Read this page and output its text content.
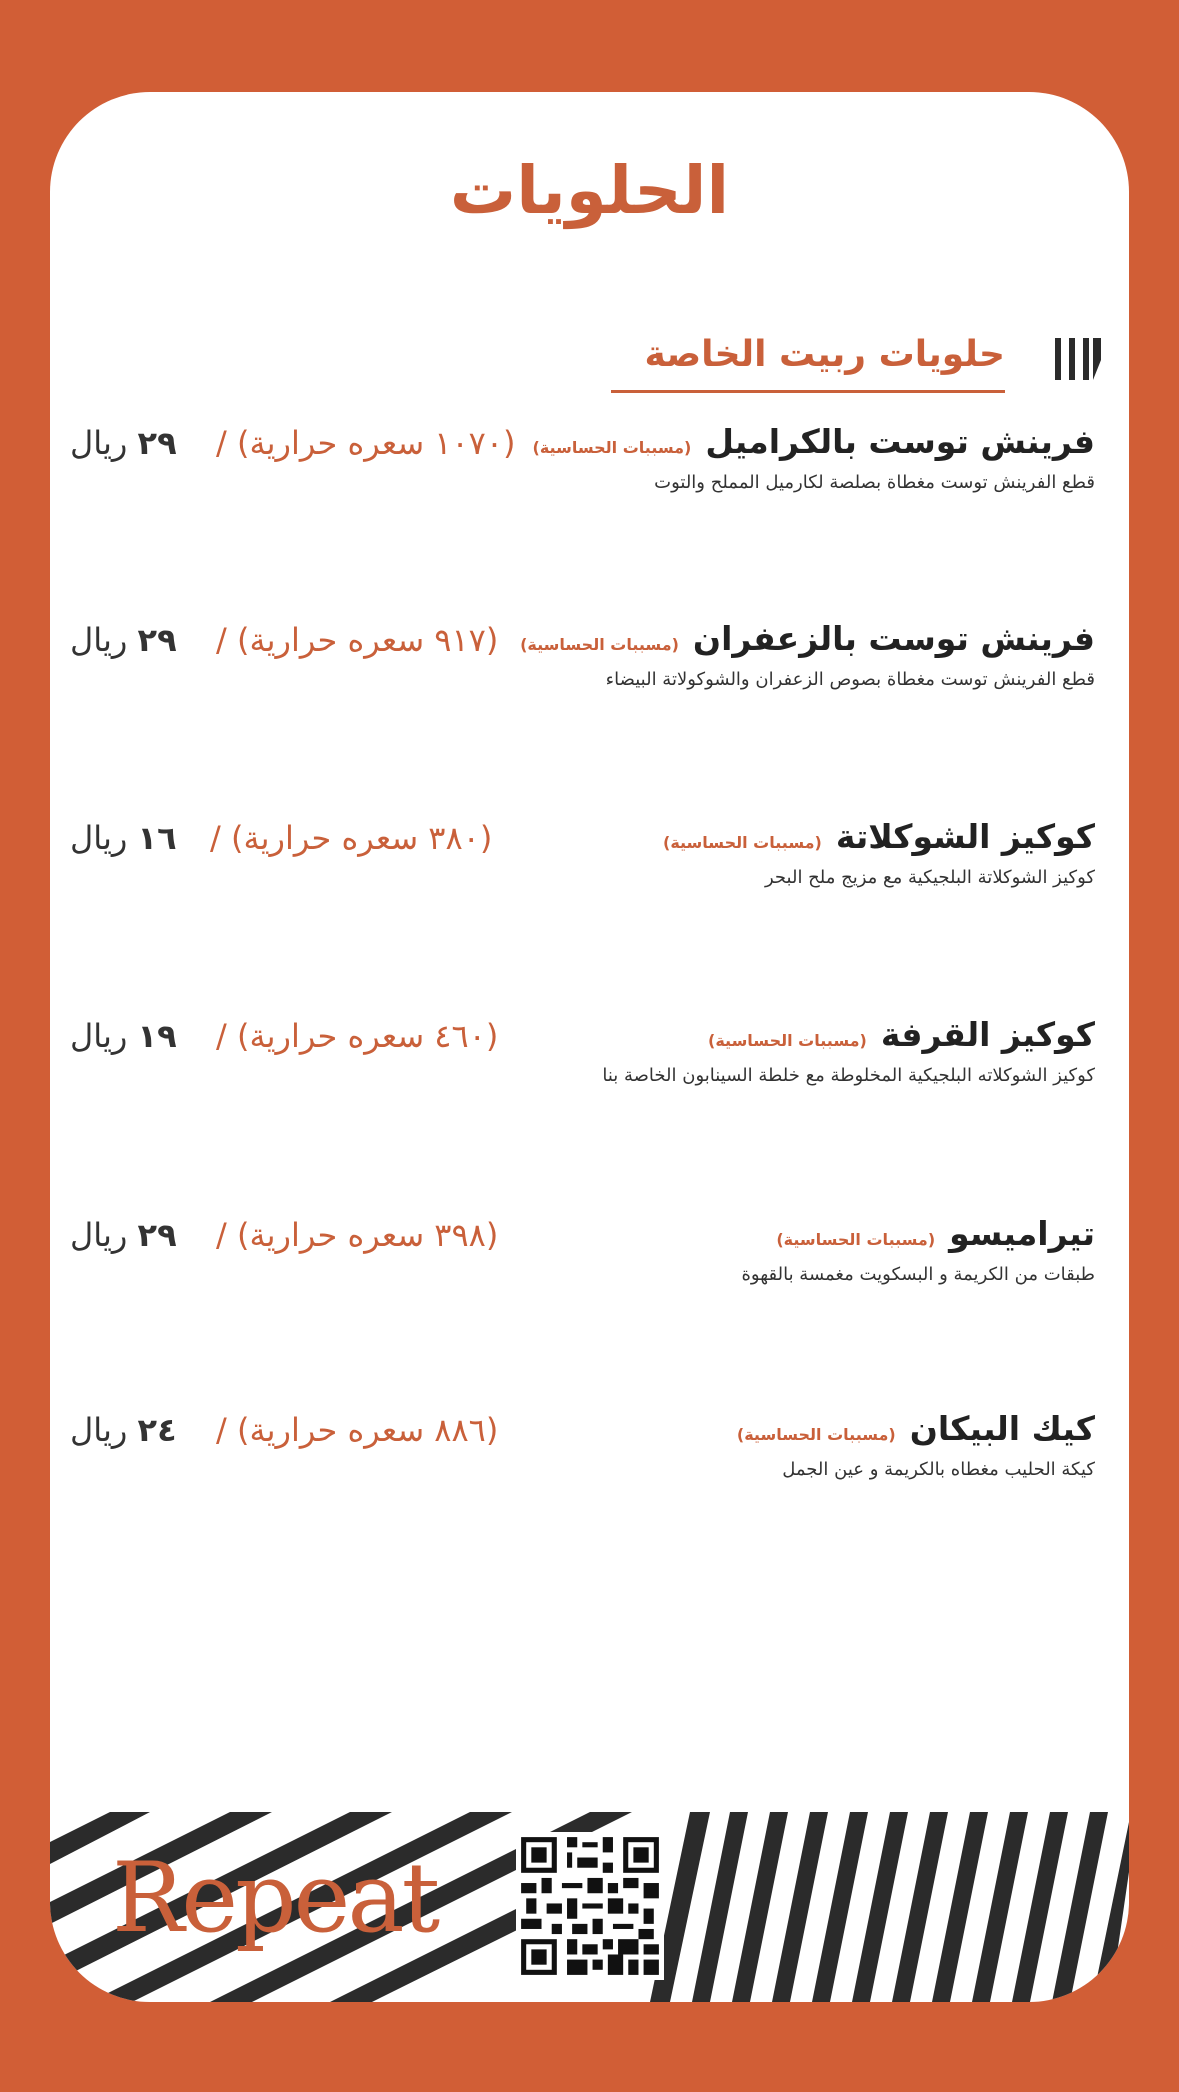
الحلويات
حلويات ربيت الخاصة
فرينش توست بالكراميل(مسببات الحساسية)
قطع الفرينش توست مغطاة بصلصة لكارميل المملح والتوت
(١٠٧٠ سعره حرارية) /
٢٩ ريال
فرينش توست بالزعفران(مسببات الحساسية)
قطع الفرينش توست مغطاة بصوص الزعفران والشوكولاتة البيضاء
(٩١٧ سعره حرارية) /
٢٩ ريال
كوكيز الشوكلاتة(مسببات الحساسية)
كوكيز الشوكلاتة البلجيكية مع مزيج ملح البحر
(٣٨٠ سعره حرارية) /
١٦ ريال
كوكيز القرفة(مسببات الحساسية)
كوكيز الشوكلاته البلجيكية المخلوطة مع خلطة السينابون الخاصة بنا
(٤٦٠ سعره حرارية) /
١٩ ريال
تيراميسو(مسببات الحساسية)
طبقات من الكريمة و البسكويت مغمسة بالقهوة
(٣٩٨ سعره حرارية) /
٢٩ ريال
كيك البيكان(مسببات الحساسية)
كيكة الحليب مغطاه بالكريمة و عين الجمل
(٨٨٦ سعره حرارية) /
٢٤ ريال
Repeat
